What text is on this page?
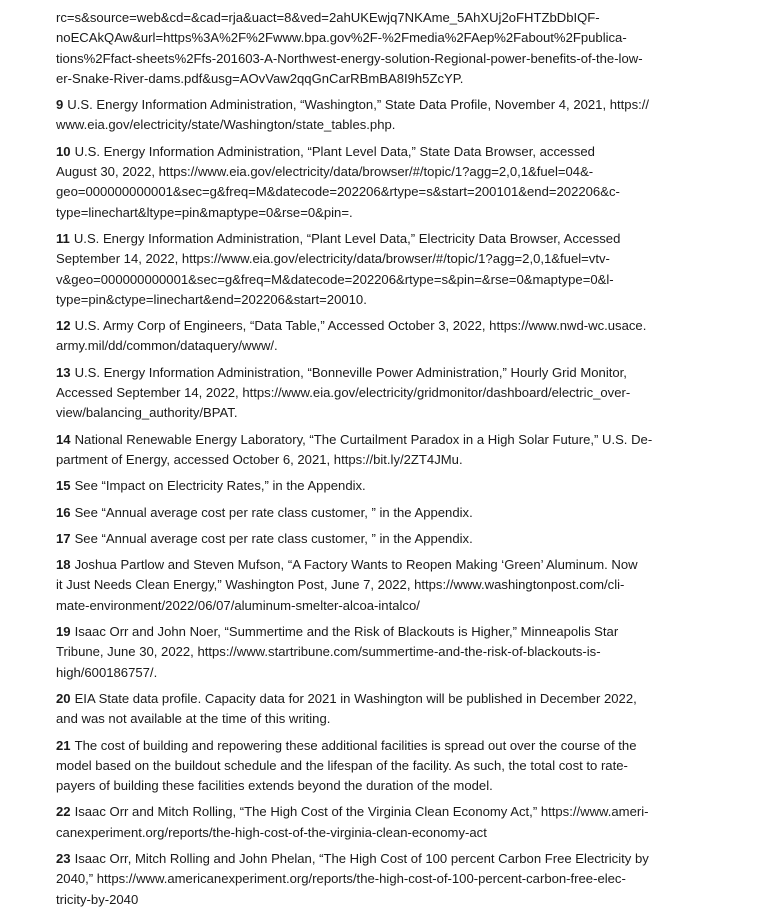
rc=s&source=web&cd=&cad=rja&uact=8&ved=2ahUKEwjq7NKAme_5AhXUj2oFHTZbDbIQF-
noECAkQAw&url=https%3A%2F%2Fwww.bpa.gov%2F-%2Fmedia%2FAep%2Fabout%2Fpublica-
tions%2Ffact-sheets%2Ffs-201603-A-Northwest-energy-solution-Regional-power-benefits-of-the-low-
er-Snake-River-dams.pdf&usg=AOvVaw2qqGnCarRBmBA8I9h5ZcYP.

9 U.S. Energy Information Administration, “Washington,” State Data Profile, November 4, 2021, https://
www.eia.gov/electricity/state/Washington/state_tables.php.

10 U.S. Energy Information Administration, “Plant Level Data,” State Data Browser, accessed
August 30, 2022, https://www.eia.gov/electricity/data/browser/#/topic/1?agg=2,0,1&fuel=04&-
geo=000000000001&sec=g&freq=M&datecode=202206&rtype=s&start=200101&end=202206&c-
type=linechart&ltype=pin&maptype=0&rse=0&pin=.

11 U.S. Energy Information Administration, “Plant Level Data,” Electricity Data Browser, Accessed
September 14, 2022, https://www.eia.gov/electricity/data/browser/#/topic/1?agg=2,0,1&fuel=vtv-
v&geo=000000000001&sec=g&freq=M&datecode=202206&rtype=s&pin=&rse=0&maptype=0&l-
type=pin&ctype=linechart&end=202206&start=20010.

12 U.S. Army Corp of Engineers, “Data Table,” Accessed October 3, 2022, https://www.nwd-wc.usace.
army.mil/dd/common/dataquery/www/.

13 U.S. Energy Information Administration, “Bonneville Power Administration,” Hourly Grid Monitor,
Accessed September 14, 2022, https://www.eia.gov/electricity/gridmonitor/dashboard/electric_over-
view/balancing_authority/BPAT.

14 National Renewable Energy Laboratory, “The Curtailment Paradox in a High Solar Future,” U.S. De-
partment of Energy, accessed October 6, 2021, https://bit.ly/2ZT4JMu.

15 See “Impact on Electricity Rates,” in the Appendix.

16 See “Annual average cost per rate class customer, ” in the Appendix.

17 See “Annual average cost per rate class customer, ” in the Appendix.

18 Joshua Partlow and Steven Mufson, “A Factory Wants to Reopen Making ‘Green’ Aluminum. Now
it Just Needs Clean Energy,” Washington Post, June 7, 2022, https://www.washingtonpost.com/cli-
mate-environment/2022/06/07/aluminum-smelter-alcoa-intalco/

19 Isaac Orr and John Noer, “Summertime and the Risk of Blackouts is Higher,” Minneapolis Star
Tribune, June 30, 2022, https://www.startribune.com/summertime-and-the-risk-of-blackouts-is-
high/600186757/.

20 EIA State data profile. Capacity data for 2021 in Washington will be published in December 2022,
and was not available at the time of this writing.

21 The cost of building and repowering these additional facilities is spread out over the course of the
model based on the buildout schedule and the lifespan of the facility. As such, the total cost to rate-
payers of building these facilities extends beyond the duration of the model.

22 Isaac Orr and Mitch Rolling, “The High Cost of the Virginia Clean Economy Act,” https://www.ameri-
canexperiment.org/reports/the-high-cost-of-the-virginia-clean-economy-act

23 Isaac Orr, Mitch Rolling and John Phelan, “The High Cost of 100 percent Carbon Free Electricity by
2040,” https://www.americanexperiment.org/reports/the-high-cost-of-100-percent-carbon-free-elec-
tricity-by-2040
